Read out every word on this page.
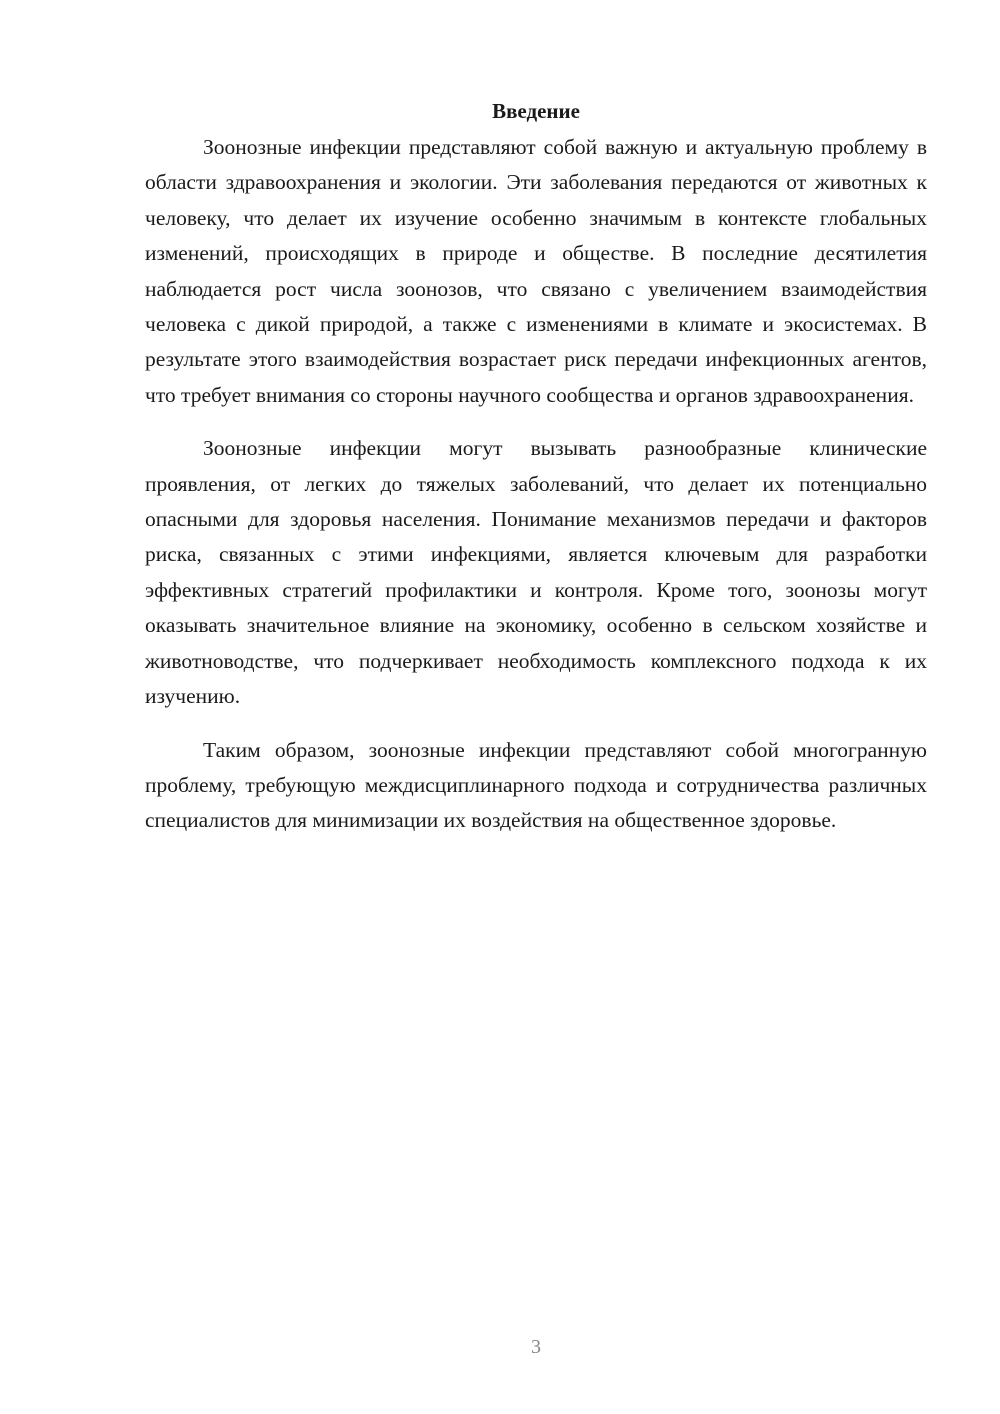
Введение

Зоонозные инфекции представляют собой важную и актуальную проблему в области здравоохранения и экологии. Эти заболевания передаются от животных к человеку, что делает их изучение особенно значимым в контексте глобальных изменений, происходящих в природе и обществе. В последние десятилетия наблюдается рост числа зоонозов, что связано с увеличением взаимодействия человека с дикой природой, а также с изменениями в климате и экосистемах. В результате этого взаимодействия возрастает риск передачи инфекционных агентов, что требует внимания со стороны научного сообщества и органов здравоохранения.

Зоонозные инфекции могут вызывать разнообразные клинические проявления, от легких до тяжелых заболеваний, что делает их потенциально опасными для здоровья населения. Понимание механизмов передачи и факторов риска, связанных с этими инфекциями, является ключевым для разработки эффективных стратегий профилактики и контроля. Кроме того, зоонозы могут оказывать значительное влияние на экономику, особенно в сельском хозяйстве и животноводстве, что подчеркивает необходимость комплексного подхода к их изучению.

Таким образом, зоонозные инфекции представляют собой многогранную проблему, требующую междисциплинарного подхода и сотрудничества различных специалистов для минимизации их воздействия на общественное здоровье.

3
